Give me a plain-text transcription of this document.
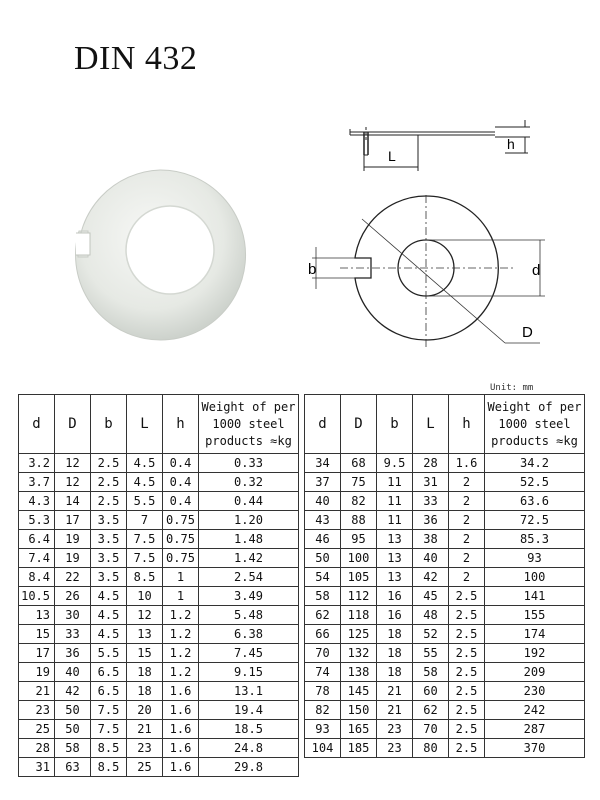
DIN 432
L
h
b	d
D
Unit: mm
d	D	b	L	h	Weight of per
1000 steel
products ≈kg

3.2	12	2.5	4.5	0.4	0.33
3.7	12	2.5	4.5	0.4	0.32
4.3	14	2.5	5.5	0.4	0.44
5.3	17	3.5	7	0.75	1.20
6.4	19	3.5	7.5	0.75	1.48
7.4	19	3.5	7.5	0.75	1.42
8.4	22	3.5	8.5	1	2.54
10.5	26	4.5	10	1	3.49
13	30	4.5	12	1.2	5.48
15	33	4.5	13	1.2	6.38
17	36	5.5	15	1.2	7.45
19	40	6.5	18	1.2	9.15
21	42	6.5	18	1.6	13.1
23	50	7.5	20	1.6	19.4
25	50	7.5	21	1.6	18.5
28	58	8.5	23	1.6	24.8
31	63	8.5	25	1.6	29.8
d	D	b	L	h	Weight of per
1000 steel
products ≈kg

34	68	9.5	28	1.6	34.2
37	75	11	31	2	52.5
40	82	11	33	2	63.6
43	88	11	36	2	72.5
46	95	13	38	2	85.3
50	100	13	40	2	93
54	105	13	42	2	100
58	112	16	45	2.5	141
62	118	16	48	2.5	155
66	125	18	52	2.5	174
70	132	18	55	2.5	192
74	138	18	58	2.5	209
78	145	21	60	2.5	230
82	150	21	62	2.5	242
93	165	23	70	2.5	287
104	185	23	80	2.5	370
